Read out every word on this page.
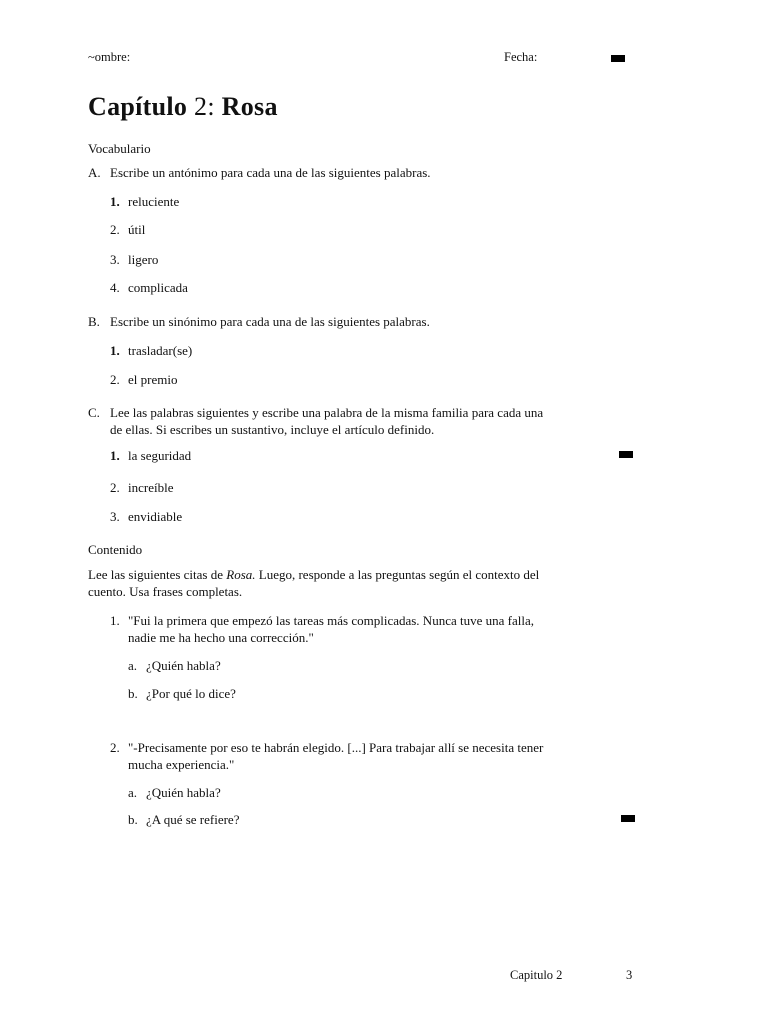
~ombre:	Fecha:
Capítulo 2: Rosa
Vocabulario
A. Escribe un antónimo para cada una de las siguientes palabras.
1. reluciente
2. útil
3. ligero
4. complicada
B. Escribe un sinónimo para cada una de las siguientes palabras.
1. trasladar(se)
2. el premio
C. Lee las palabras siguientes y escribe una palabra de la misma familia para cada una
de ellas. Si escribes un sustantivo, incluye el artículo definido.
1. la seguridad
2. increíble
3. envidiable
Contenido
Lee las siguientes citas de Rosa. Luego, responde a las preguntas según el contexto del
cuento. Usa frases completas.
1. "Fui la primera que empezó las tareas más complicadas. Nunca tuve una falla,
nadie me ha hecho una corrección."
a. ¿Quién habla?
b. ¿Por qué lo dice?
2. "-Precisamente por eso te habrán elegido. [...] Para trabajar allí se necesita tener
mucha experiencia."
a. ¿Quién habla?
b. ¿A qué se refiere?
Capitulo 2	3
